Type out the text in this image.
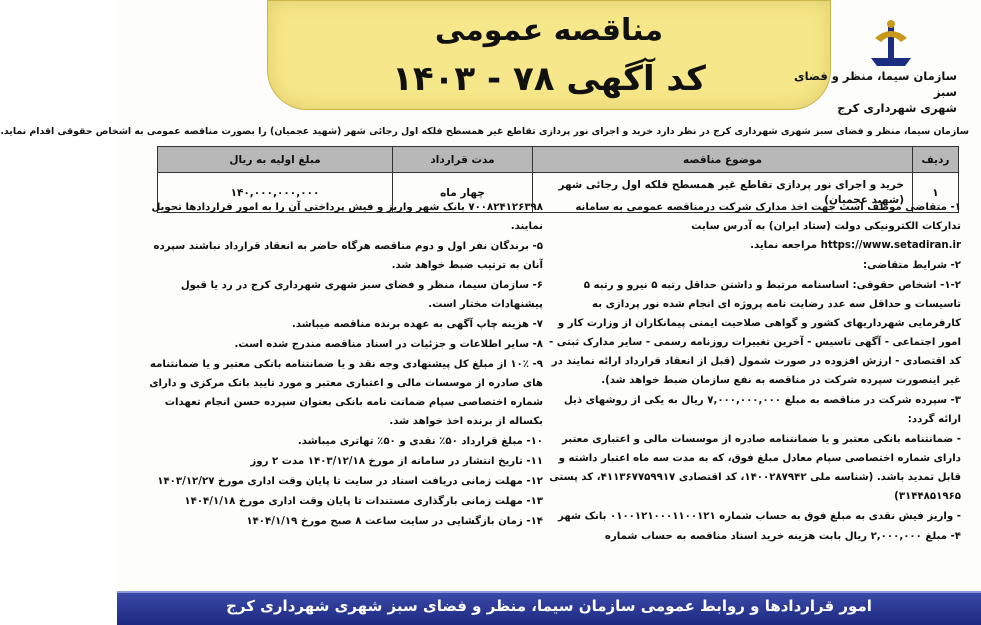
مناقصه عمومی
کد آگهی ۷۸ - ۱۴۰۳	سازمان سیما، منظر و فضای سبز
شهری شهرداری کرج
سازمان سیما، منظر و فضای سبز شهری شهرداری کرج در نظر دارد خرید و اجرای نور پردازی تقاطع غیر همسطح فلکه اول رجائی شهر (شهید عجمیان) را بصورت مناقصه عمومی به اشخاص حقوقی اقدام نماید.
ردیف	موضوع مناقصه	مدت قرارداد	مبلغ اولیه به ریال
۱	خرید و اجرای نور پردازی تقاطع غیر همسطح فلکه اول رجائی شهر (شهید عجمیان)	چهار ماه	۱۴۰,۰۰۰,۰۰۰,۰۰۰

۱- متقاضی موظف است جهت اخذ مدارک شرکت درمناقصه عمومی به سامانه تدارکات الکترونیکی دولت (ستاد ایران) به آدرس سایت https://www.setadiran.ir مراجعه نماید.

۲- شرایط متقاضی:

۱-۲- اشخاص حقوقی: اساسنامه مرتبط و داشتن حداقل رتبه ۵ نیرو و رتبه ۵ تاسیسات و حداقل سه عدد رضایت نامه پروژه ای انجام شده نور پردازی به کارفرمایی شهرداریهای کشور و گواهی صلاحیت ایمنی پیمانکاران از وزارت کار و امور اجتماعی - آگهی تاسیس - آخرین تغییرات روزنامه رسمی - سایر مدارک ثبتی - کد اقتصادی - ارزش افزوده در صورت شمول (قبل از انعقاد قرارداد ارائه نمایند در غیر اینصورت سپرده شرکت در مناقصه به نفع سازمان ضبط خواهد شد).

۳- سپرده شرکت در مناقصه به مبلغ ۷,۰۰۰,۰۰۰,۰۰۰ ریال به یکی از روشهای ذیل ارائه گردد:

- ضمانتنامه بانکی معتبر و یا ضمانتنامه صادره از موسسات مالی و اعتباری معتبر دارای شماره اختصاصی سپام معادل مبلغ فوق، که به مدت سه ماه اعتبار داشته و قابل تمدید باشد. (شناسه ملی ۱۴۰۰۲۸۷۹۴۲، کد اقتصادی ۴۱۱۳۶۷۷۵۹۹۱۷، کد پستی ۳۱۴۴۸۵۱۹۶۵)

- واریز فیش نقدی به مبلغ فوق به حساب شماره ۰۱۰۰۱۲۱۰۰۰۱۱۰۰۱۲۱ بانک شهر

۴- مبلغ ۲,۰۰۰,۰۰۰ ریال بابت هزینه خرید اسناد مناقصه به حساب شماره

۷۰۰۸۲۴۱۲۶۳۹۸ بانک شهر واریز و فیش پرداختی آن را به امور قراردادها تحویل نمایند.

۵- برندگان نفر اول و دوم مناقصه هرگاه حاضر به انعقاد قرارداد نباشند سپرده آنان به ترتیب ضبط خواهد شد.

۶- سازمان سیما، منظر و فضای سبز شهری شهرداری کرج در رد یا قبول پیشنهادات مختار است.

۷- هزینه چاپ آگهی به عهده برنده مناقصه میباشد.

۸- سایر اطلاعات و جزئیات در اسناد مناقصه مندرج شده است.

۹- ۱۰٪ از مبلغ کل پیشنهادی وجه نقد و یا ضمانتنامه بانکی معتبر و یا ضمانتنامه های صادره از موسسات مالی و اعتباری معتبر و مورد تایید بانک مرکزی و دارای شماره اختصاصی سپام ضمانت نامه بانکی بعنوان سپرده حسن انجام تعهدات بکساله از برنده اخذ خواهد شد.

۱۰- مبلغ قرارداد ۵۰٪ نقدی و ۵۰٪ تهاتری میباشد.

۱۱- تاریخ انتشار در سامانه از مورخ ۱۴۰۳/۱۲/۱۸ مدت ۲ روز

۱۲- مهلت زمانی دریافت اسناد در سایت تا پایان وقت اداری مورخ ۱۴۰۳/۱۲/۲۷

۱۳- مهلت زمانی بارگذاری مستندات تا پایان وقت اداری مورخ ۱۴۰۴/۱/۱۸

۱۴- زمان بازگشایی در سایت ساعت ۸ صبح مورخ ۱۴۰۴/۱/۱۹

امور قراردادها و روابط عمومی سازمان سیما، منظر و فضای سبز شهری شهرداری کرج
